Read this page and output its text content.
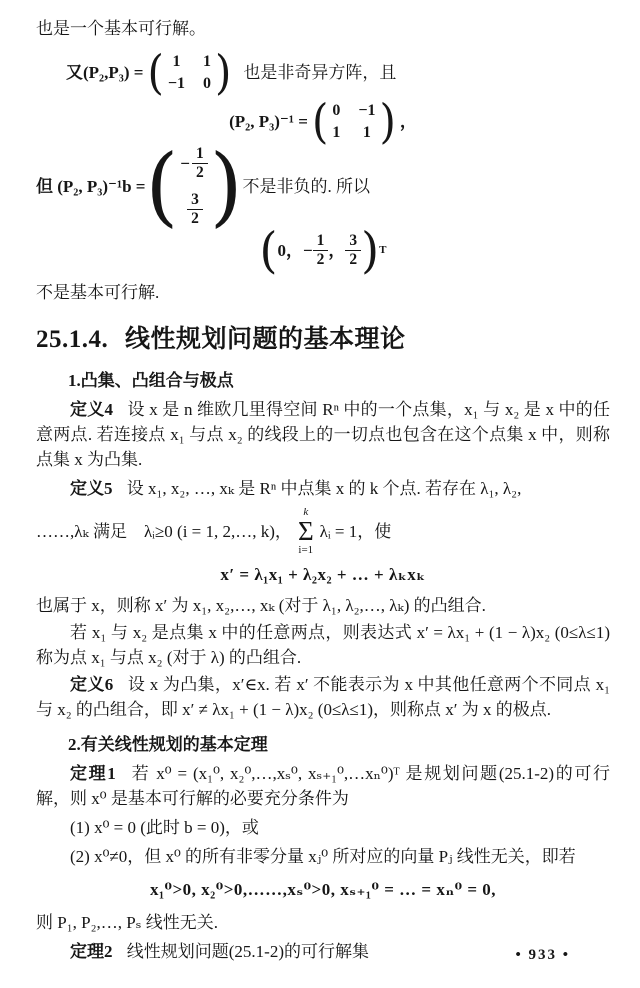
也是一个基本可行解。
又(P₂,P₃) = ( 1 1
−1 0 ) 也是非奇异方阵，且
(P₂, P₃)⁻¹ = ( 0 −1
1 1 ) ，
但 (P₂, P₃)⁻¹b = ( − $\frac{1}{2}$
$\frac{3}{2}$ ) 不是非负的. 所以
( 0，− $\frac{1}{2}$ ， $\frac{3}{2}$ ) T
不是基本可行解.
25.1.4. 线性规划问题的基本理论
1.凸集、凸组合与极点
定义4 设 x 是 n 维欧几里得空间 Rⁿ 中的一个点集，x₁ 与 x₂ 是 x 中的任意两点. 若连接点 x₁ 与点 x₂ 的线段上的一切点也包含在这个点集 x 中，则称点集 x 为凸集.
定义5 设 x₁, x₂, …, xₖ 是 Rⁿ 中点集 x 的 k 个点. 若存在 λ₁, λ₂,
……,λₖ 满足　λᵢ≥0 (i = 1, 2,…, k)，
k
Σ
i=1
λᵢ = 1，使
x′ = λ₁x₁ + λ₂x₂ + … + λₖxₖ
也属于 x，则称 x′ 为 x₁, x₂,…, xₖ (对于 λ₁, λ₂,…, λₖ) 的凸组合.
若 x₁ 与 x₂ 是点集 x 中的任意两点，则表达式 x′ = λx₁ + (1 − λ)x₂ (0≤λ≤1) 称为点 x₁ 与点 x₂ (对于 λ) 的凸组合.
定义6 设 x 为凸集，x′∈x. 若 x′ 不能表示为 x 中其他任意两个不同点 x₁ 与 x₂ 的凸组合，即 x′ ≠ λx₁ + (1 − λ)x₂ (0≤λ≤1)，则称点 x′ 为 x 的极点.
2.有关线性规划的基本定理
定理1 若 x⁰ = (x₁⁰, x₂⁰,…,xₛ⁰, xₛ₊₁⁰,…xₙ⁰)ᵀ 是规划问题(25.1-2)的可行解，则 x⁰ 是基本可行解的必要充分条件为
(1) x⁰ = 0 (此时 b = 0)，或
(2) x⁰≠0，但 x⁰ 的所有非零分量 xⱼ⁰ 所对应的向量 Pⱼ 线性无关，即若
x₁⁰>0, x₂⁰>0,……,xₛ⁰>0, xₛ₊₁⁰ = … = xₙ⁰ = 0,
则 P₁, P₂,…, Pₛ 线性无关.
定理2 线性规划问题(25.1-2)的可行解集	• 933 •
